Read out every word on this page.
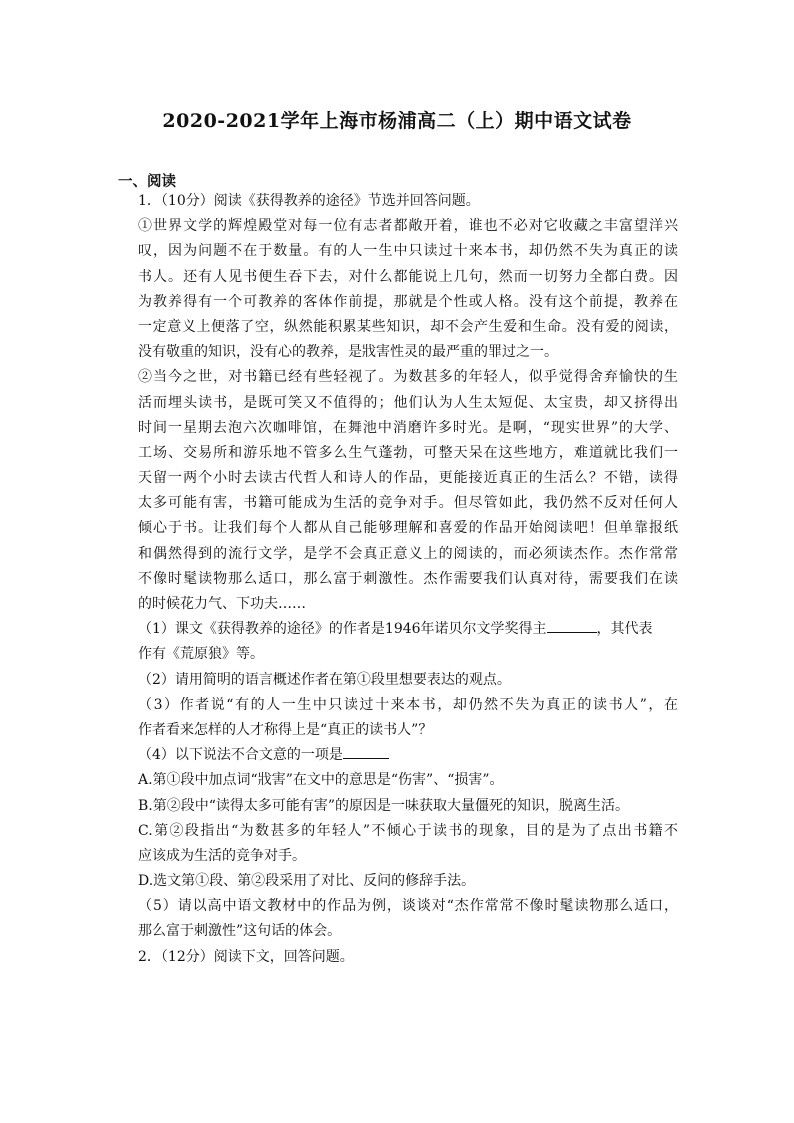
2020-2021学年上海市杨浦高二（上）期中语文试卷
一、阅读
1．（10分）阅读《获得教养的途径》节选并回答问题。
①世界文学的辉煌殿堂对每一位有志者都敞开着，谁也不必对它收藏之丰富望洋兴
叹，因为问题不在于数量。有的人一生中只读过十来本书，却仍然不失为真正的读
书人。还有人见书便生吞下去，对什么都能说上几句，然而一切努力全都白费。因
为教养得有一个可教养的客体作前提，那就是个性或人格。没有这个前提，教养在
一定意义上便落了空，纵然能积累某些知识，却不会产生爱和生命。没有爱的阅读，
没有敬重的知识，没有心的教养，是戕害性灵的最严重的罪过之一。
②当今之世，对书籍已经有些轻视了。为数甚多的年轻人，似乎觉得舍弃愉快的生
活而埋头读书，是既可笑又不值得的；他们认为人生太短促、太宝贵，却又挤得出
时间一星期去泡六次咖啡馆，在舞池中消磨许多时光。是啊，“现实世界”的大学、
工场、交易所和游乐地不管多么生气蓬勃，可整天呆在这些地方，难道就比我们一
天留一两个小时去读古代哲人和诗人的作品，更能接近真正的生活么？不错，读得
太多可能有害，书籍可能成为生活的竞争对手。但尽管如此，我仍然不反对任何人
倾心于书。让我们每个人都从自己能够理解和喜爱的作品开始阅读吧！但单靠报纸
和偶然得到的流行文学，是学不会真正意义上的阅读的，而必须读杰作。杰作常常
不像时髦读物那么适口，那么富于刺激性。杰作需要我们认真对待，需要我们在读
的时候花力气、下功夫……
（1）课文《获得教养的途径》的作者是1946年诺贝尔文学奖得主	，其代表
作有《荒原狼》等。
（2）请用简明的语言概述作者在第①段里想要表达的观点。
（3）作者说“有的人一生中只读过十来本书，却仍然不失为真正的读书人”，在
作者看来怎样的人才称得上是“真正的读书人”？
（4）以下说法不合文意的一项是
A.第①段中加点词“戕害”在文中的意思是“伤害”、“损害”。
B.第②段中“读得太多可能有害”的原因是一味获取大量僵死的知识，脱离生活。
C.第②段指出“为数甚多的年轻人”不倾心于读书的现象，目的是为了点出书籍不
应该成为生活的竞争对手。
D.选文第①段、第②段采用了对比、反问的修辞手法。
（5）请以高中语文教材中的作品为例，谈谈对“杰作常常不像时髦读物那么适口，
那么富于刺激性”这句话的体会。
2．（12分）阅读下文，回答问题。
